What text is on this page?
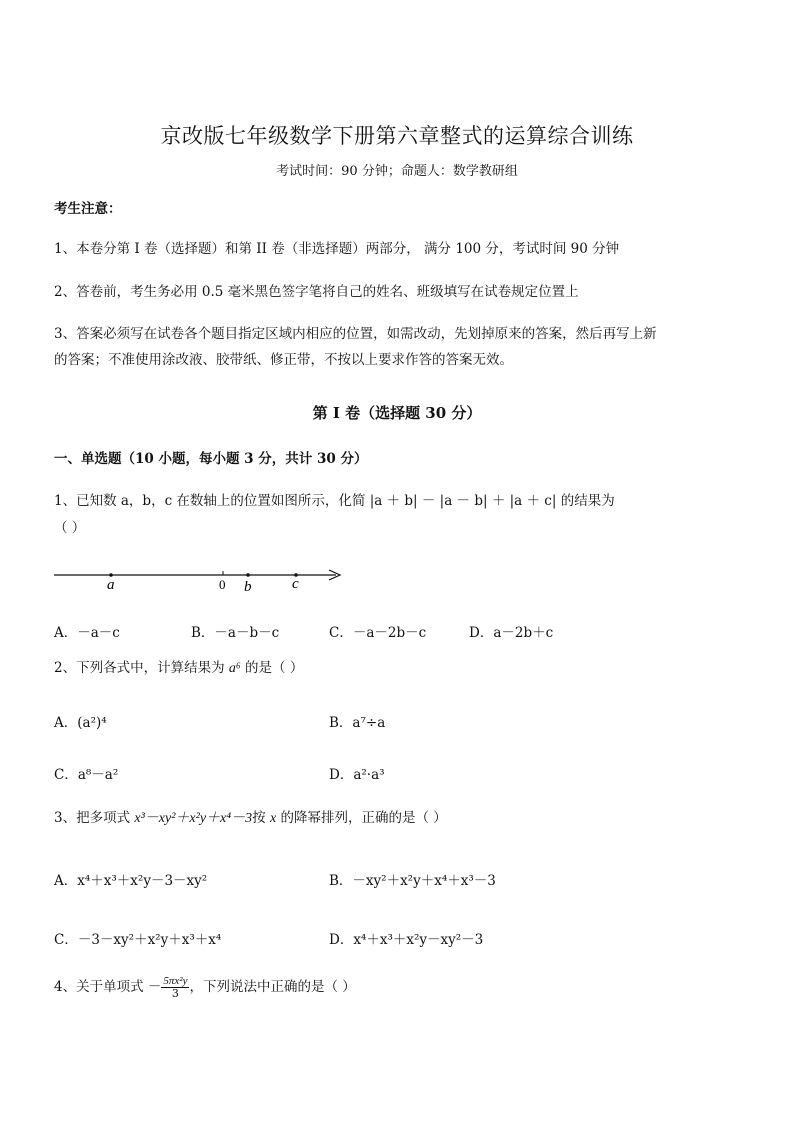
京改版七年级数学下册第六章整式的运算综合训练
考试时间：90 分钟；命题人：数学教研组
考生注意：
1、本卷分第 I 卷（选择题）和第 II 卷（非选择题）两部分， 满分 100 分，考试时间 90 分钟
2、答卷前，考生务必用 0.5 毫米黑色签字笔将自己的姓名、班级填写在试卷规定位置上
3、答案必须写在试卷各个题目指定区域内相应的位置，如需改动，先划掉原来的答案，然后再写上新
的答案；不准使用涂改液、胶带纸、修正带，不按以上要求作答的答案无效。
第 I 卷（选择题 30 分）
一、单选题（10 小题，每小题 3 分，共计 30 分）
1、已知数 a，b，c 在数轴上的位置如图所示，化简 |a ＋ b| － |a － b| ＋ |a ＋ c| 的结果为
（ ）
a	0 b	c
A．－a－c	B．－a－b－c	C．－a－2b－c	D．a－2b＋c
2、下列各式中，计算结果为 a⁶ 的是（ ）
A．(a²)⁴	B．a⁷÷a
C．a⁸－a²	D．a²·a³
3、把多项式 x³－xy²＋x²y＋x⁴－3按 x 的降幂排列，正确的是（ ）
A．x⁴＋x³＋x²y－3－xy²	B．－xy²＋x²y＋x⁴＋x³－3
C．－3－xy²＋x²y＋x³＋x⁴	D．x⁴＋x³＋x²y－xy²－3
4、关于单项式 － $\frac{\text{5πx²y}}{3}$ ，下列说法中正确的是（ ）
